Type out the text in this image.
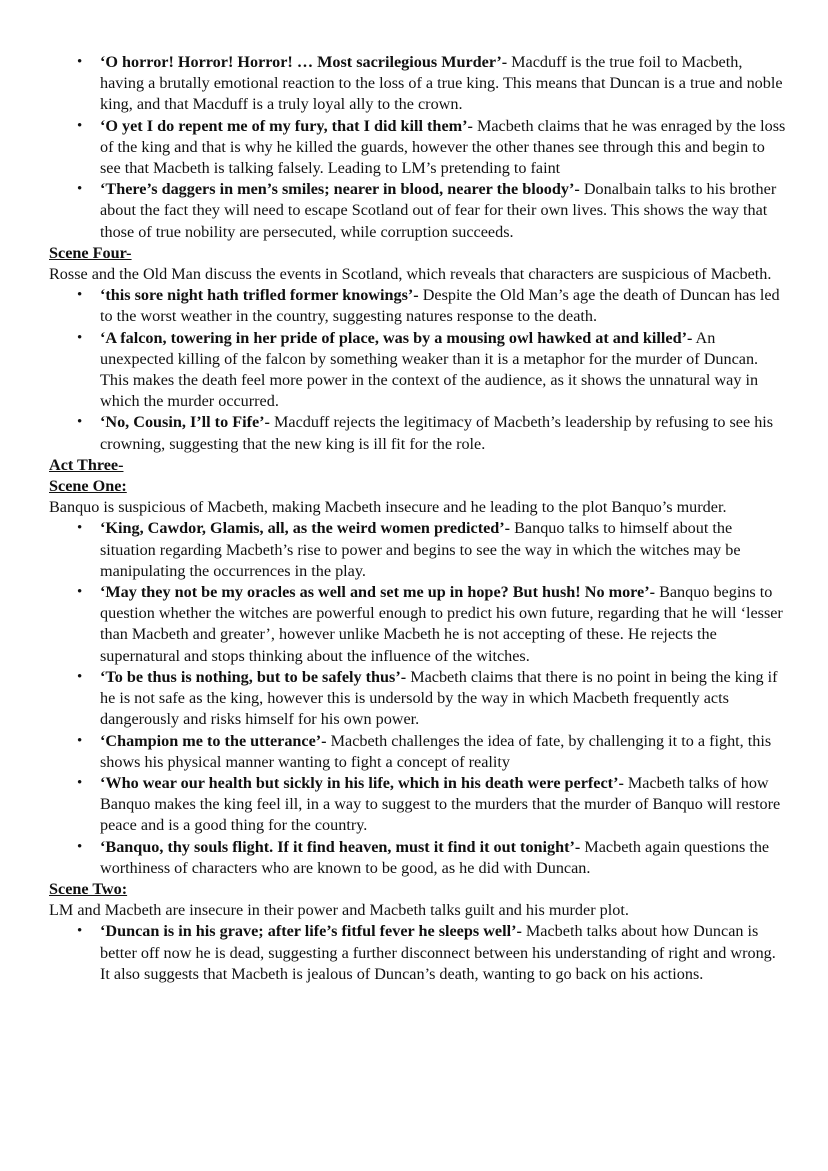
• ‘O horror! Horror! Horror! … Most sacrilegious Murder’- Macduff is the true foil to Macbeth, having a brutally emotional reaction to the loss of a true king. This means that Duncan is a true and noble king, and that Macduff is a truly loyal ally to the crown.
• ‘O yet I do repent me of my fury, that I did kill them’- Macbeth claims that he was enraged by the loss of the king and that is why he killed the guards, however the other thanes see through this and begin to see that Macbeth is talking falsely. Leading to LM’s pretending to faint
• ‘There’s daggers in men’s smiles; nearer in blood, nearer the bloody’- Donalbain talks to his brother about the fact they will need to escape Scotland out of fear for their own lives. This shows the way that those of true nobility are persecuted, while corruption succeeds.

Scene Four-

Rosse and the Old Man discuss the events in Scotland, which reveals that characters are suspicious of Macbeth.

• ‘this sore night hath trifled former knowings’- Despite the Old Man’s age the death of Duncan has led to the worst weather in the country, suggesting natures response to the death.
• ‘A falcon, towering in her pride of place, was by a mousing owl hawked at and killed’- An unexpected killing of the falcon by something weaker than it is a metaphor for the murder of Duncan. This makes the death feel more power in the context of the audience, as it shows the unnatural way in which the murder occurred.
• ‘No, Cousin, I’ll to Fife’- Macduff rejects the legitimacy of Macbeth’s leadership by refusing to see his crowning, suggesting that the new king is ill fit for the role.

Act Three-

Scene One:

Banquo is suspicious of Macbeth, making Macbeth insecure and he leading to the plot Banquo’s murder.

• ‘King, Cawdor, Glamis, all, as the weird women predicted’- Banquo talks to himself about the situation regarding Macbeth’s rise to power and begins to see the way in which the witches may be manipulating the occurrences in the play.
• ‘May they not be my oracles as well and set me up in hope? But hush! No more’- Banquo begins to question whether the witches are powerful enough to predict his own future, regarding that he will ‘lesser than Macbeth and greater’, however unlike Macbeth he is not accepting of these. He rejects the supernatural and stops thinking about the influence of the witches.
• ‘To be thus is nothing, but to be safely thus’- Macbeth claims that there is no point in being the king if he is not safe as the king, however this is undersold by the way in which Macbeth frequently acts dangerously and risks himself for his own power.
• ‘Champion me to the utterance’- Macbeth challenges the idea of fate, by challenging it to a fight, this shows his physical manner wanting to fight a concept of reality
• ‘Who wear our health but sickly in his life, which in his death were perfect’- Macbeth talks of how Banquo makes the king feel ill, in a way to suggest to the murders that the murder of Banquo will restore peace and is a good thing for the country.
• ‘Banquo, thy souls flight. If it find heaven, must it find it out tonight’- Macbeth again questions the worthiness of characters who are known to be good, as he did with Duncan.

Scene Two:

LM and Macbeth are insecure in their power and Macbeth talks guilt and his murder plot.

• ‘Duncan is in his grave; after life’s fitful fever he sleeps well’- Macbeth talks about how Duncan is better off now he is dead, suggesting a further disconnect between his understanding of right and wrong. It also suggests that Macbeth is jealous of Duncan’s death, wanting to go back on his actions.
